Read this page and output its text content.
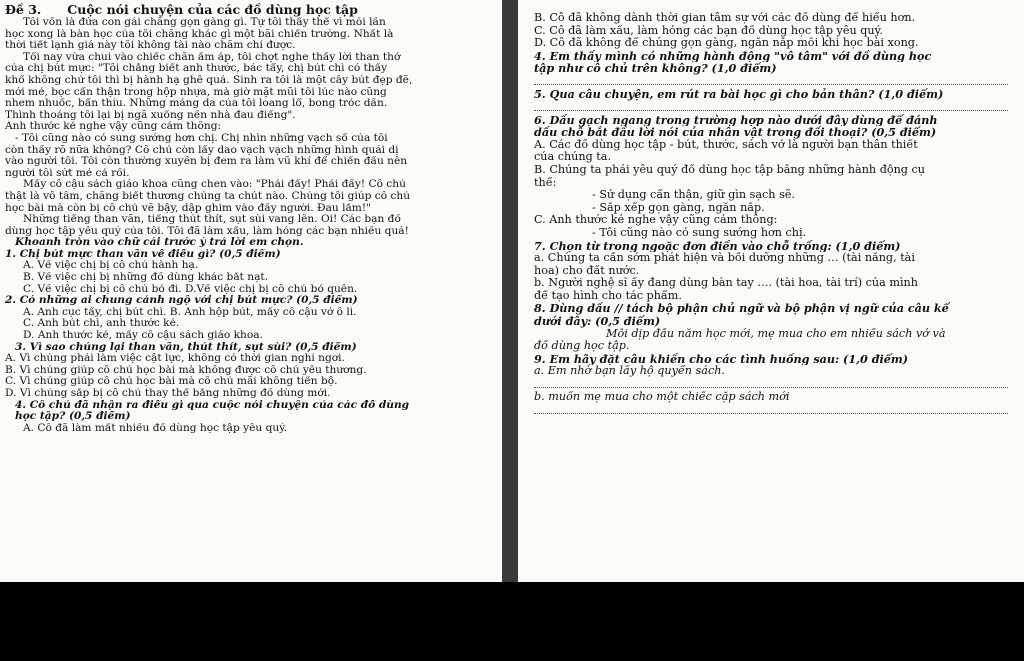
Đề 3. Cuộc nói chuyện của các đồ dùng học tập
Tôi vốn là đứa con gái chăng gọn gàng gì. Tự tôi thấy thế vì mỗi lần
học xong là bàn học của tôi chăng khác gì một bãi chiến trường. Nhất là
thời tiết lạnh giá này tôi không tài nào chăm chỉ được.
Tối nay vừa chui vào chiếc chăn ấm áp, tôi chợt nghe thấy lời than thở
của chị bút mực: "Tôi chẳng biết anh thước, bác tẩy, chị bút chì có thấy
khổ không chứ tôi thì bị hành hạ ghê quá. Sinh ra tôi là một cây bút đẹp đẽ,
mới mẻ, bọc cẩn thận trong hộp nhựa, mà giờ mặt mũi tôi lúc nào cũng
nhem nhuốc, bẩn thỉu. Những mảng da của tôi loang lổ, bong tróc dần.
Thình thoảng tôi lại bị ngã xuống nền nhà đau điếng".
Anh thước kẻ nghe vậy cũng cảm thông:
- Tôi cũng nào có sung sướng hơn chị. Chị nhìn những vạch số của tôi
còn thấy rõ nữa không? Cô chủ còn lấy dao vạch vạch những hình quái dị
vào người tôi. Tôi còn thường xuyên bị đem ra làm vũ khí để chiến đấu nên
người tôi sứt mẻ cả rồi.
Mấy cô cậu sách giáo khoa cũng chen vào: "Phải đấy! Phải đấy! Cô chủ
thật là vô tâm, chăng biết thương chúng ta chút nào. Chúng tôi giúp cô chủ
học bài mà còn bị cô chủ vẽ bậy, dập ghim vào đầy người. Đau lắm!"
Những tiếng than vãn, tiếng thút thít, sụt sùi vang lên. Ôi! Các bạn đồ
dùng học tập yêu quý của tôi. Tôi đã làm xấu, làm hỏng các bạn nhiều quá!
Khoanh tròn vào chữ cái trước ý trả lời em chọn.
1. Chị bút mực than vãn về điều gì? (0,5 điểm)
A. Về việc chị bị cô chủ hành hạ.
B. Về việc chị bị những đồ dùng khác bắt nạt.
C. Về việc chị bị cô chủ bỏ đi. D.Về việc chị bị cô chủ bỏ quên.
2. Có những ai chung cảnh ngộ với chị bút mực? (0,5 điểm)
A. Anh cục tẩy, chị bút chì. B. Anh hộp bút, mấy cô cậu vở ô li.
C. Anh bút chì, anh thước kẻ.
D. Anh thước kẻ, mấy cô cậu sách giáo khoa.
3. Vì sao chúng lại than vãn, thút thít, sụt sùi? (0,5 điểm)
A. Vì chúng phải làm việc cật lực, không có thời gian nghỉ ngơi.
B. Vì chúng giúp cô chủ học bài mà không được cô chủ yêu thương.
C. Vì chúng giúp cô chủ học bài mà cô chủ mãi không tiến bộ.
D. Vì chúng sắp bị cô chủ thay thế bằng những đồ dùng mới.
4. Cô chủ đã nhận ra điều gì qua cuộc nói chuyện của các đồ dùng
học tập? (0,5 điểm)
A. Cô đã làm mất nhiều đồ dùng học tập yêu quý.
B. Cô đã không dành thời gian tâm sự với các đồ dùng để hiểu hơn.
C. Cô đã làm xấu, làm hỏng các bạn đồ dùng học tập yêu quý.
D. Cô đã không để chúng gọn gàng, ngăn nắp mỗi khi học bài xong.
4. Em thấy mình có những hành động "vô tâm" với đồ dùng học
tập như cô chủ trên không? (1,0 điểm)
5. Qua câu chuyện, em rút ra bài học gì cho bản thân? (1,0 điểm)
6. Dấu gạch ngang trong trường hợp nào dưới đây dùng để đánh
dấu chỗ bắt đầu lời nói của nhân vật trong đối thoại? (0,5 điểm)
A. Các đồ dùng học tập - bút, thước, sách vở là người bạn thân thiết
của chúng ta.
B. Chúng ta phải yêu quý đồ dùng học tập bằng những hành động cụ
thể:
- Sử dụng cẩn thận, giữ gìn sạch sẽ.
- Sắp xếp gọn gàng, ngăn nắp.
C. Anh thước kẻ nghe vậy cũng cảm thông:
- Tôi cũng nào có sung sướng hơn chị.
7. Chọn từ trong ngoặc đơn điền vào chỗ trống: (1,0 điểm)
a. Chúng ta cần sớm phát hiện và bồi dưỡng những … (tài năng, tài
hoa) cho đất nước.
b. Người nghệ sĩ ấy đang dùng bàn tay …. (tài hoa, tài trí) của mình
để tạo hình cho tác phẩm.
8. Dùng dấu // tách bộ phận chủ ngữ và bộ phận vị ngữ của câu kể
dưới đây: (0,5 điểm)
Mỗi dịp đầu năm học mới, mẹ mua cho em nhiều sách vở và
đồ dùng học tập.
9. Em hãy đặt câu khiến cho các tình huống sau: (1,0 điểm)
a. Em nhờ bạn lấy hộ quyển sách.
b. muốn mẹ mua cho một chiếc cặp sách mới
